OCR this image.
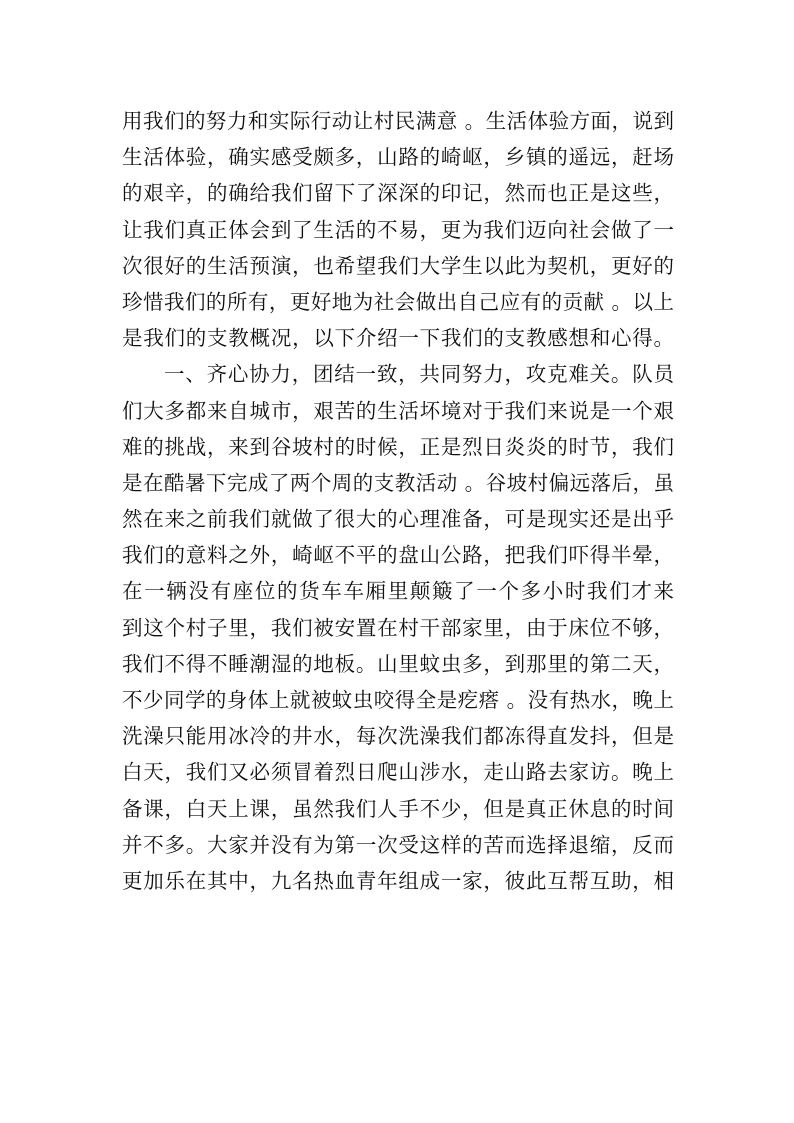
用我们的努力和实际行动让村民满意 。生活体验方面，说到
生活体验，确实感受颇多，山路的崎岖，乡镇的遥远，赶场
的艰辛，的确给我们留下了深深的印记，然而也正是这些，
让我们真正体会到了生活的不易，更为我们迈向社会做了一
次很好的生活预演，也希望我们大学生以此为契机，更好的
珍惜我们的所有，更好地为社会做出自己应有的贡献 。以上
是我们的支教概况，以下介绍一下我们的支教感想和心得。
一、齐心协力，团结一致，共同努力，攻克难关。队员
们大多都来自城市，艰苦的生活坏境对于我们来说是一个艰
难的挑战，来到谷坡村的时候，正是烈日炎炎的时节，我们
是在酷暑下完成了两个周的支教活动 。谷坡村偏远落后，虽
然在来之前我们就做了很大的心理准备，可是现实还是出乎
我们的意料之外，崎岖不平的盘山公路，把我们吓得半晕，
在一辆没有座位的货车车厢里颠簸了一个多小时我们才来
到这个村子里，我们被安置在村干部家里，由于床位不够，
我们不得不睡潮湿的地板。山里蚊虫多，到那里的第二天，
不少同学的身体上就被蚊虫咬得全是疙瘩 。没有热水，晚上
洗澡只能用冰冷的井水，每次洗澡我们都冻得直发抖，但是
白天，我们又必须冒着烈日爬山涉水，走山路去家访。晚上
备课，白天上课，虽然我们人手不少，但是真正休息的时间
并不多。大家并没有为第一次受这样的苦而选择退缩，反而
更加乐在其中，九名热血青年组成一家，彼此互帮互助，相
